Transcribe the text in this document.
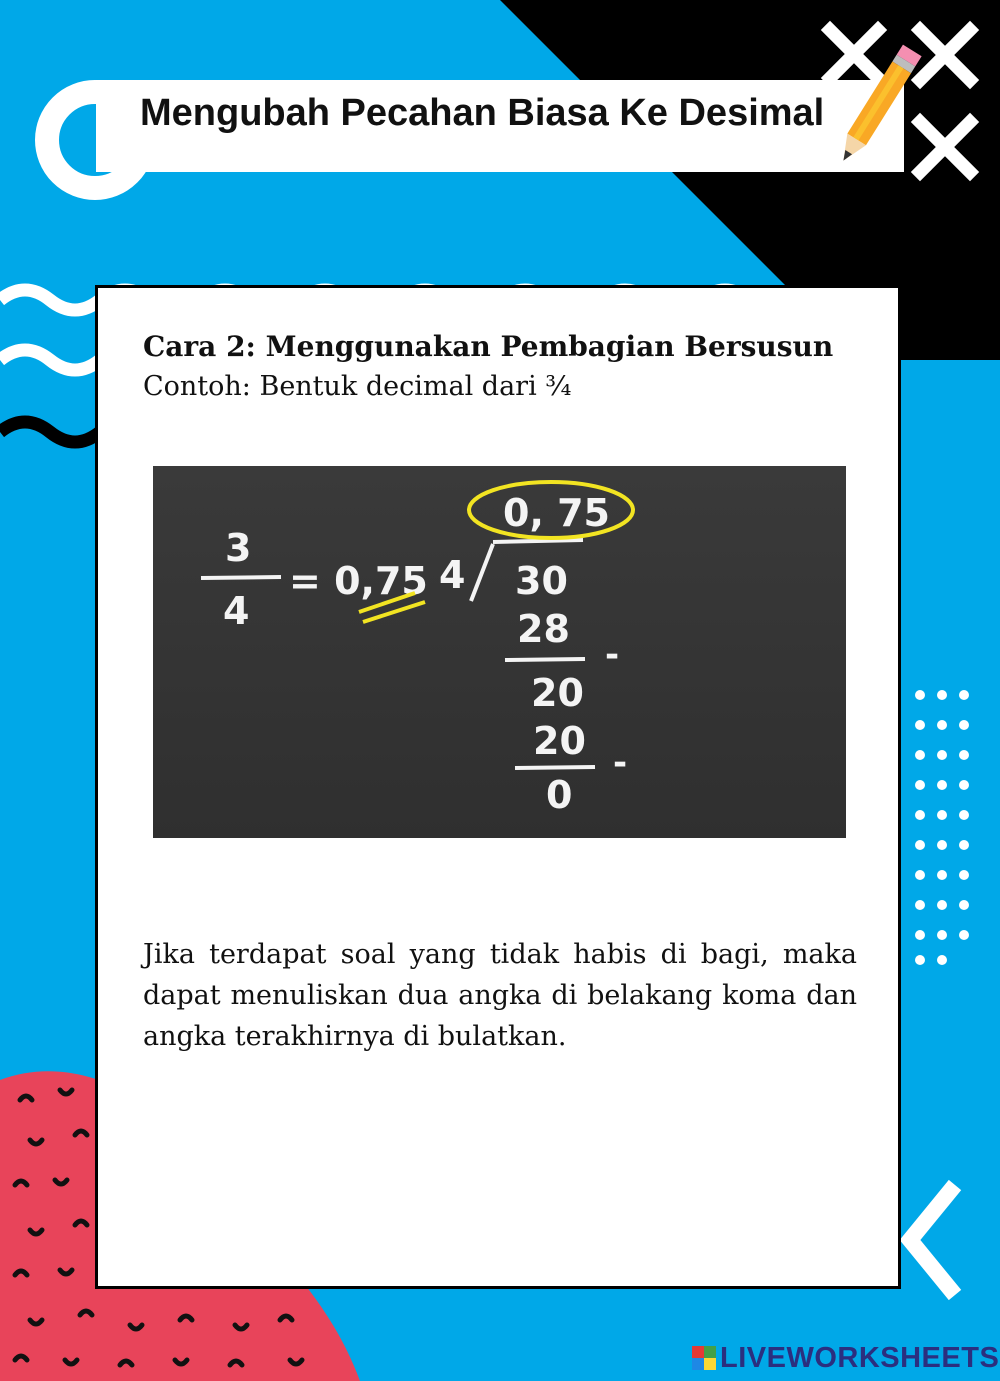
Mengubah Pecahan Biasa Ke Desimal
Cara 2: Menggunakan Pembagian Bersusun
Contoh: Bentuk decimal dari ¾
3
4
= 0,75 4
0, 75
30
28
-
20
20 -
0

Jika terdapat soal yang tidak habis di bagi, maka dapat menuliskan dua angka di belakang koma dan angka terakhirnya di bulatkan.

LIVEWORKSHEETS
